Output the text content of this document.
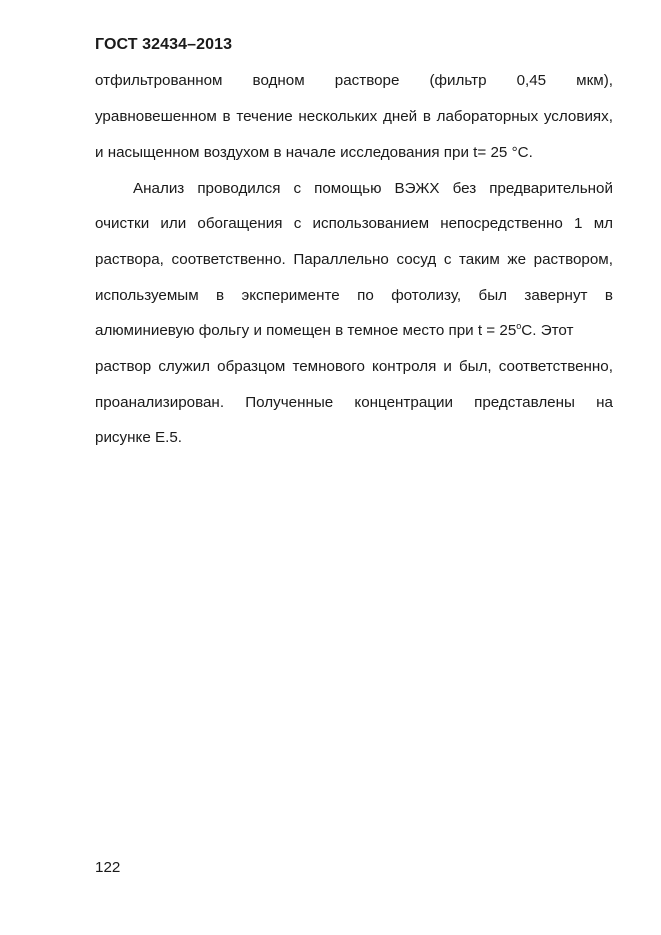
ГОСТ 32434–2013
отфильтрованном водном растворе (фильтр 0,45 мкм),
уравновешенном в течение нескольких дней в лабораторных условиях,
и насыщенном воздухом в начале исследования при t= 25 °C.
Анализ проводился с помощью ВЭЖХ без предварительной
очистки или обогащения с использованием непосредственно 1 мл
раствора, соответственно. Параллельно сосуд с таким же раствором,
используемым в эксперименте по фотолизу, был завернут в
алюминиевую фольгу и помещен в темное место при $t = 25^oC$. Этот
раствор служил образцом темнового контроля и был, соответственно,
проанализирован. Полученные концентрации представлены на
рисунке Е.5.
122
